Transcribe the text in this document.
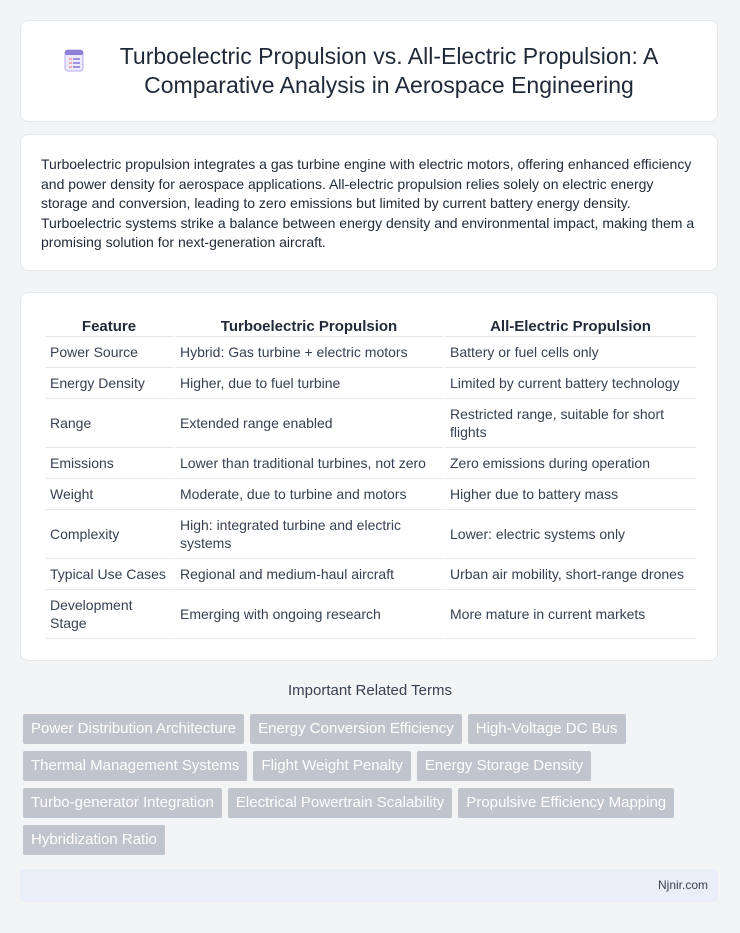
Turboelectric Propulsion vs. All-Electric Propulsion: A Comparative Analysis in Aerospace Engineering

Turboelectric propulsion integrates a gas turbine engine with electric motors, offering enhanced efficiency and power density for aerospace applications. All-electric propulsion relies solely on electric energy storage and conversion, leading to zero emissions but limited by current battery energy density. Turboelectric systems strike a balance between energy density and environmental impact, making them a promising solution for next-generation aircraft.

Feature	Turboelectric Propulsion	All-Electric Propulsion
Power Source	Hybrid: Gas turbine + electric motors	Battery or fuel cells only
Energy Density	Higher, due to fuel turbine	Limited by current battery technology
Range	Extended range enabled	Restricted range, suitable for short flights
Emissions	Lower than traditional turbines, not zero	Zero emissions during operation
Weight	Moderate, due to turbine and motors	Higher due to battery mass
Complexity	High: integrated turbine and electric systems	Lower: electric systems only
Typical Use Cases	Regional and medium-haul aircraft	Urban air mobility, short-range drones
Development Stage	Emerging with ongoing research	More mature in current markets
Important Related Terms
Power Distribution Architecture	Energy Conversion Efficiency	High-Voltage DC Bus
Thermal Management Systems	Flight Weight Penalty	Energy Storage Density
Turbo-generator Integration	Electrical Powertrain Scalability	Propulsive Efficiency Mapping
Hybridization Ratio
Njnir.com
